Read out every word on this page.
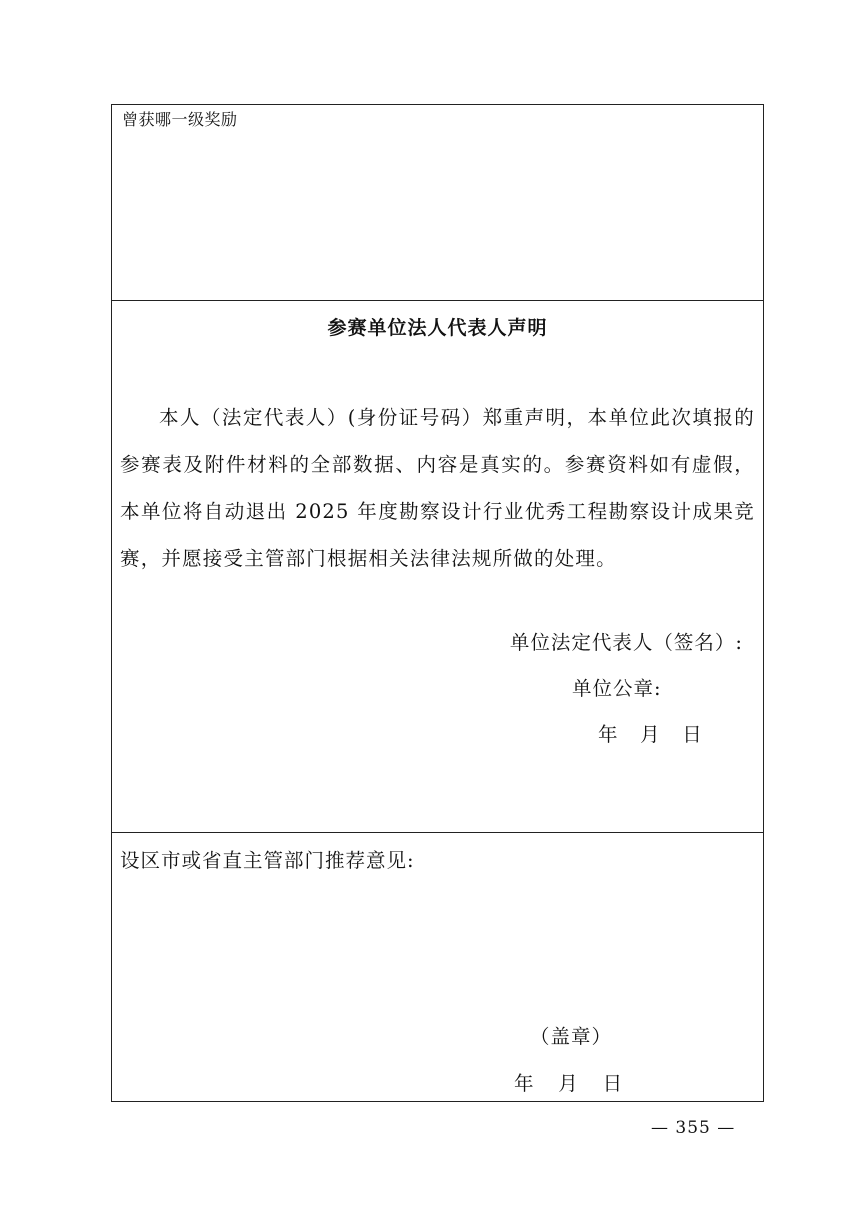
曾获哪一级奖励
参赛单位法人代表人声明
本人（法定代表人）(身份证号码）郑重声明，本单位此次填报的参赛表及附件材料的全部数据、内容是真实的。参赛资料如有虚假，本单位将自动退出 2025 年度勘察设计行业优秀工程勘察设计成果竞赛，并愿接受主管部门根据相关法律法规所做的处理。
单位法定代表人（签名）:
单位公章:
年   月   日
设区市或省直主管部门推荐意见:
（盖章）
年    月    日
— 355 —
